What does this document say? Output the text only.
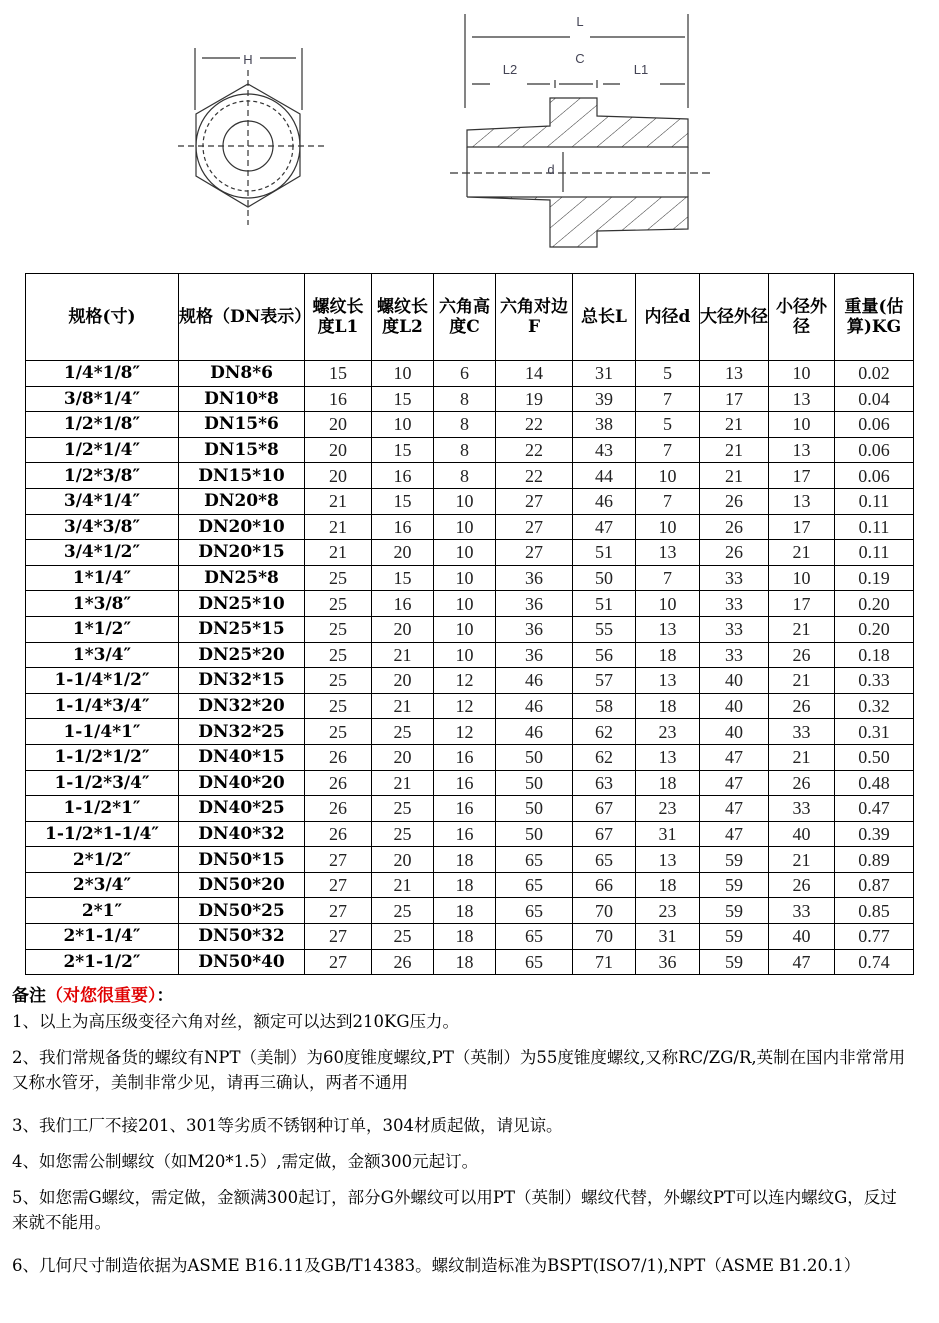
H
L
L2
C
L1
d
规格(寸)	规格（DN表示）	螺纹长度L1	螺纹长度L2	六角高度C	六角对边F	总长L	内径d	大径外径	小径外径	重量(估算)KG
1/4*1/8″	DN8*6	15	10	6	14	31	5	13	10	0.02
3/8*1/4″	DN10*8	16	15	8	19	39	7	17	13	0.04
1/2*1/8″	DN15*6	20	10	8	22	38	5	21	10	0.06
1/2*1/4″	DN15*8	20	15	8	22	43	7	21	13	0.06
1/2*3/8″	DN15*10	20	16	8	22	44	10	21	17	0.06
3/4*1/4″	DN20*8	21	15	10	27	46	7	26	13	0.11
3/4*3/8″	DN20*10	21	16	10	27	47	10	26	17	0.11
3/4*1/2″	DN20*15	21	20	10	27	51	13	26	21	0.11
1*1/4″	DN25*8	25	15	10	36	50	7	33	10	0.19
1*3/8″	DN25*10	25	16	10	36	51	10	33	17	0.20
1*1/2″	DN25*15	25	20	10	36	55	13	33	21	0.20
1*3/4″	DN25*20	25	21	10	36	56	18	33	26	0.18
1-1/4*1/2″	DN32*15	25	20	12	46	57	13	40	21	0.33
1-1/4*3/4″	DN32*20	25	21	12	46	58	18	40	26	0.32
1-1/4*1″	DN32*25	25	25	12	46	62	23	40	33	0.31
1-1/2*1/2″	DN40*15	26	20	16	50	62	13	47	21	0.50
1-1/2*3/4″	DN40*20	26	21	16	50	63	18	47	26	0.48
1-1/2*1″	DN40*25	26	25	16	50	67	23	47	33	0.47
1-1/2*1-1/4″	DN40*32	26	25	16	50	67	31	47	40	0.39
2*1/2″	DN50*15	27	20	18	65	65	13	59	21	0.89
2*3/4″	DN50*20	27	21	18	65	66	18	59	26	0.87
2*1″	DN50*25	27	25	18	65	70	23	59	33	0.85
2*1-1/4″	DN50*32	27	25	18	65	70	31	59	40	0.77
2*1-1/2″	DN50*40	27	26	18	65	71	36	59	47	0.74

备注（对您很重要）：

1、以上为高压级变径六角对丝，额定可以达到210KG压力。

2、我们常规备货的螺纹有NPT（美制）为60度锥度螺纹,PT（英制）为55度锥度螺纹,又称RC/ZG/R,英制在国内非常常用又称水管牙，美制非常少见，请再三确认，两者不通用

3、我们工厂不接201、301等劣质不锈钢种订单，304材质起做，请见谅。

4、如您需公制螺纹（如M20*1.5）,需定做，金额300元起订。

5、如您需G螺纹，需定做，金额满300起订，部分G外螺纹可以用PT（英制）螺纹代替，外螺纹PT可以连内螺纹G，反过来就不能用。

6、几何尺寸制造依据为ASME B16.11及GB/T14383。螺纹制造标准为BSPT(ISO7/1),NPT（ASME B1.20.1）
